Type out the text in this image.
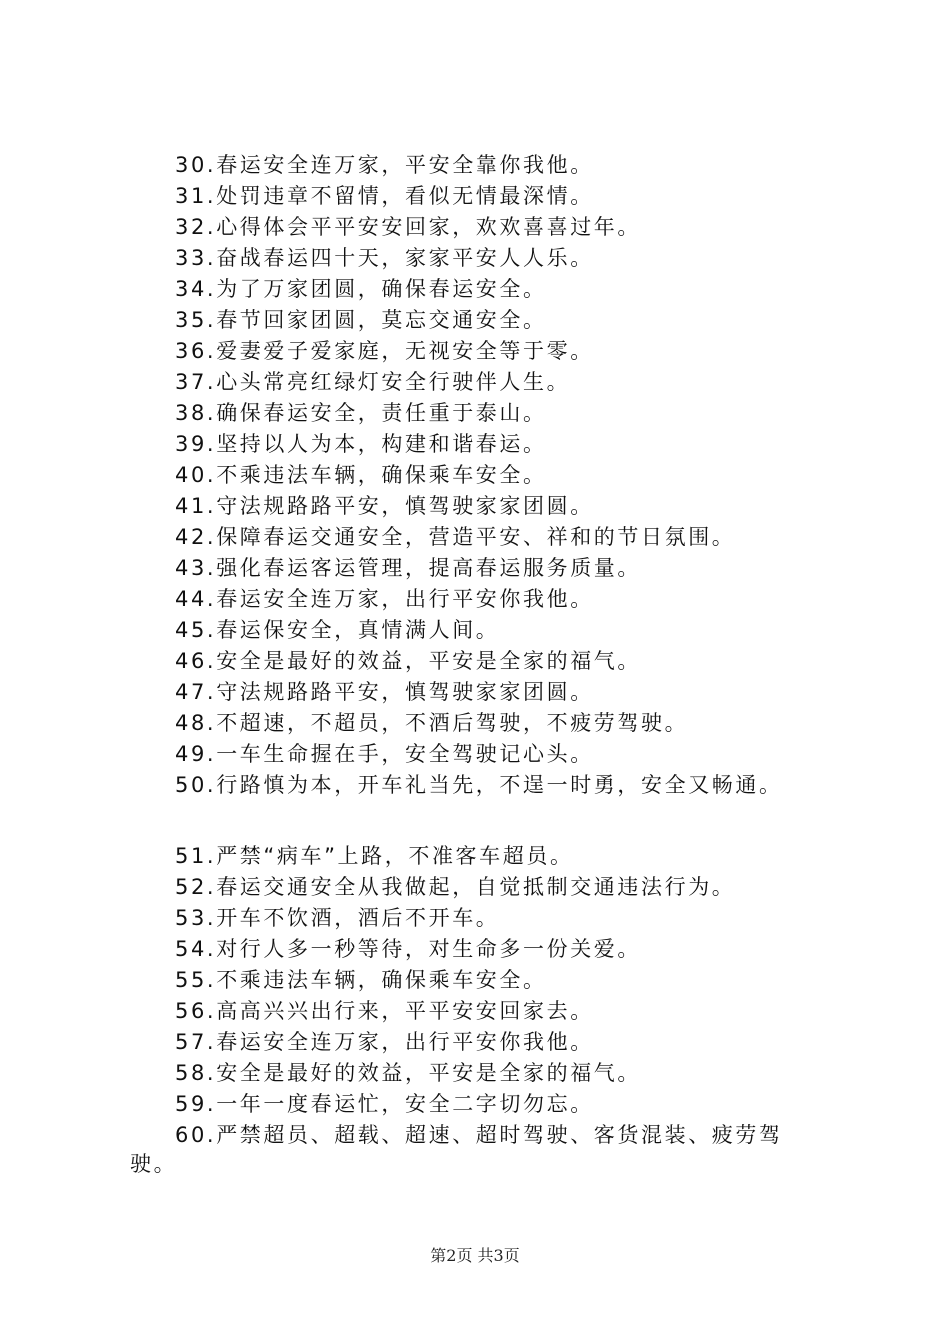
30.春运安全连万家，平安全靠你我他。
31.处罚违章不留情，看似无情最深情。
32.心得体会平平安安回家，欢欢喜喜过年。
33.奋战春运四十天，家家平安人人乐。
34.为了万家团圆，确保春运安全。
35.春节回家团圆，莫忘交通安全。
36.爱妻爱子爱家庭，无视安全等于零。
37.心头常亮红绿灯安全行驶伴人生。
38.确保春运安全，责任重于泰山。
39.坚持以人为本，构建和谐春运。
40.不乘违法车辆，确保乘车安全。
41.守法规路路平安，慎驾驶家家团圆。
42.保障春运交通安全，营造平安、祥和的节日氛围。
43.强化春运客运管理，提高春运服务质量。
44.春运安全连万家，出行平安你我他。
45.春运保安全，真情满人间。
46.安全是最好的效益，平安是全家的福气。
47.守法规路路平安，慎驾驶家家团圆。
48.不超速，不超员，不酒后驾驶，不疲劳驾驶。
49.一车生命握在手，安全驾驶记心头。
50.行路慎为本，开车礼当先，不逞一时勇，安全又畅通。
51.严禁“病车”上路，不准客车超员。
52.春运交通安全从我做起，自觉抵制交通违法行为。
53.开车不饮酒，酒后不开车。
54.对行人多一秒等待，对生命多一份关爱。
55.不乘违法车辆，确保乘车安全。
56.高高兴兴出行来，平平安安回家去。
57.春运安全连万家，出行平安你我他。
58.安全是最好的效益，平安是全家的福气。
59.一年一度春运忙，安全二字切勿忘。
60.严禁超员、超载、超速、超时驾驶、客货混装、疲劳驾
驶。
第2页 共3页
